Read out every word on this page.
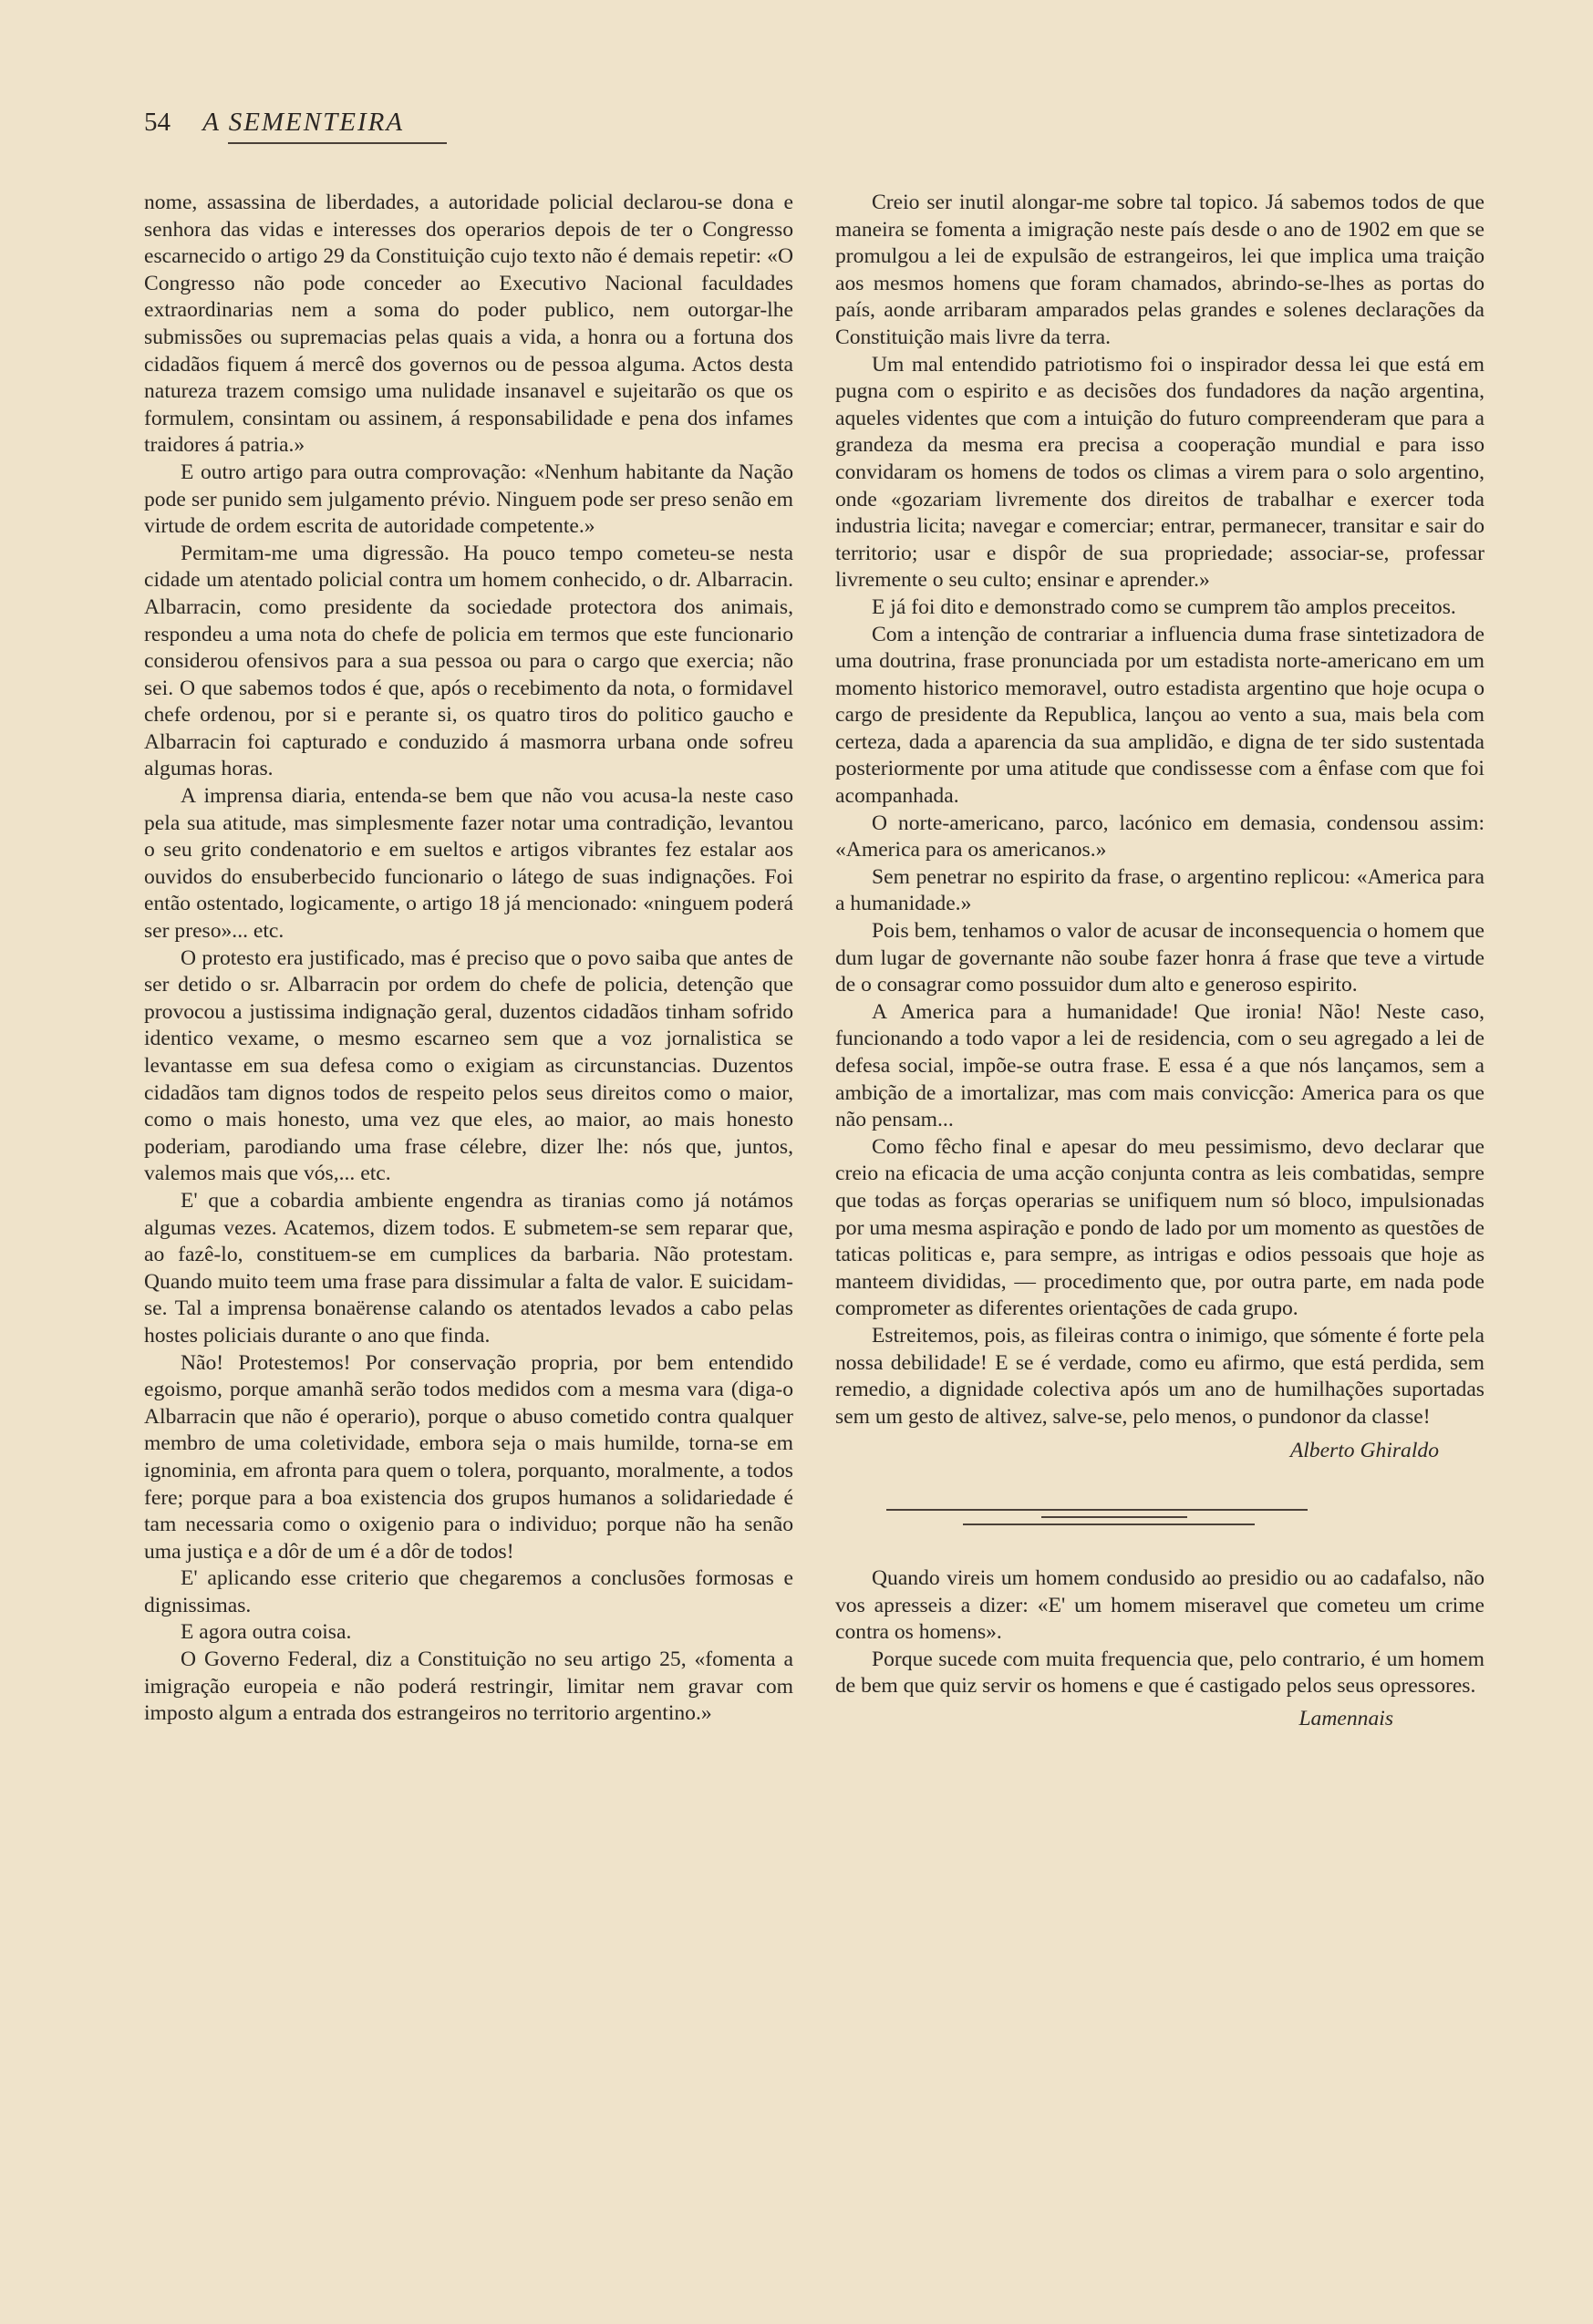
54 A SEMENTEIRA

nome, assassina de liberdades, a autoridade policial declarou-se dona e senhora das vidas e interesses dos operarios depois de ter o Congresso escarnecido o artigo 29 da Constituição cujo texto não é demais repetir: «O Congresso não pode conceder ao Executivo Nacional faculdades extraordinarias nem a soma do poder publico, nem outorgar-lhe submissões ou supremacias pelas quais a vida, a honra ou a fortuna dos cidadãos fiquem á mercê dos governos ou de pessoa alguma. Actos desta natureza trazem comsigo uma nulidade insanavel e sujeitarão os que os formulem, consintam ou assinem, á responsabilidade e pena dos infames traidores á patria.»

E outro artigo para outra comprovação: «Nenhum habitante da Nação pode ser punido sem julgamento prévio. Ninguem pode ser preso senão em virtude de ordem escrita de autoridade competente.»

Permitam-me uma digressão. Ha pouco tempo cometeu-se nesta cidade um atentado policial contra um homem conhecido, o dr. Albarracin. Albarracin, como presidente da sociedade protectora dos animais, respondeu a uma nota do chefe de policia em termos que este funcionario considerou ofensivos para a sua pessoa ou para o cargo que exercia; não sei. O que sabemos todos é que, após o recebimento da nota, o formidavel chefe ordenou, por si e perante si, os quatro tiros do politico gaucho e Albarracin foi capturado e conduzido á masmorra urbana onde sofreu algumas horas.

A imprensa diaria, entenda-se bem que não vou acusa-la neste caso pela sua atitude, mas simplesmente fazer notar uma contradição, levantou o seu grito condenatorio e em sueltos e artigos vibrantes fez estalar aos ouvidos do ensuberbecido funcionario o látego de suas indignações. Foi então ostentado, logicamente, o artigo 18 já mencionado: «ninguem poderá ser preso»... etc.

O protesto era justificado, mas é preciso que o povo saiba que antes de ser detido o sr. Albarracin por ordem do chefe de policia, detenção que provocou a justissima indignação geral, duzentos cidadãos tinham sofrido identico vexame, o mesmo escarneo sem que a voz jornalistica se levantasse em sua defesa como o exigiam as circunstancias. Duzentos cidadãos tam dignos todos de respeito pelos seus direitos como o maior, como o mais honesto, uma vez que eles, ao maior, ao mais honesto poderiam, parodiando uma frase célebre, dizer lhe: nós que, juntos, valemos mais que vós,... etc.

E' que a cobardia ambiente engendra as tiranias como já notámos algumas vezes. Acatemos, dizem todos. E submetem-se sem reparar que, ao fazê-lo, constituem-se em cumplices da barbaria. Não protestam. Quando muito teem uma frase para dissimular a falta de valor. E suicidam-se. Tal a imprensa bonaërense calando os atentados levados a cabo pelas hostes policiais durante o ano que finda.

Não! Protestemos! Por conservação propria, por bem entendido egoismo, porque amanhã serão todos medidos com a mesma vara (diga-o Albarracin que não é operario), porque o abuso cometido contra qualquer membro de uma coletividade, embora seja o mais humilde, torna-se em ignominia, em afronta para quem o tolera, porquanto, moralmente, a todos fere; porque para a boa existencia dos grupos humanos a solidariedade é tam necessaria como o oxigenio para o individuo; porque não ha senão uma justiça e a dôr de um é a dôr de todos!

E' aplicando esse criterio que chegaremos a conclusões formosas e dignissimas.

E agora outra coisa.

O Governo Federal, diz a Constituição no seu artigo 25, «fomenta a imigração europeia e não poderá restringir, limitar nem gravar com imposto algum a entrada dos estrangeiros no territorio argentino.»

Creio ser inutil alongar-me sobre tal topico. Já sabemos todos de que maneira se fomenta a imigração neste país desde o ano de 1902 em que se promulgou a lei de expulsão de estrangeiros, lei que implica uma traição aos mesmos homens que foram chamados, abrindo-se-lhes as portas do país, aonde arribaram amparados pelas grandes e solenes declarações da Constituição mais livre da terra.

Um mal entendido patriotismo foi o inspirador dessa lei que está em pugna com o espirito e as decisões dos fundadores da nação argentina, aqueles videntes que com a intuição do futuro compreenderam que para a grandeza da mesma era precisa a cooperação mundial e para isso convidaram os homens de todos os climas a virem para o solo argentino, onde «gozariam livremente dos direitos de trabalhar e exercer toda industria licita; navegar e comerciar; entrar, permanecer, transitar e sair do territorio; usar e dispôr de sua propriedade; associar-se, professar livremente o seu culto; ensinar e aprender.»

E já foi dito e demonstrado como se cumprem tão amplos preceitos.

Com a intenção de contrariar a influencia duma frase sintetizadora de uma doutrina, frase pronunciada por um estadista norte-americano em um momento historico memoravel, outro estadista argentino que hoje ocupa o cargo de presidente da Republica, lançou ao vento a sua, mais bela com certeza, dada a aparencia da sua amplidão, e digna de ter sido sustentada posteriormente por uma atitude que condissesse com a ênfase com que foi acompanhada.

O norte-americano, parco, lacónico em demasia, condensou assim: «America para os americanos.»

Sem penetrar no espirito da frase, o argentino replicou: «America para a humanidade.»

Pois bem, tenhamos o valor de acusar de inconsequencia o homem que dum lugar de governante não soube fazer honra á frase que teve a virtude de o consagrar como possuidor dum alto e generoso espirito.

A America para a humanidade! Que ironia! Não! Neste caso, funcionando a todo vapor a lei de residencia, com o seu agregado a lei de defesa social, impõe-se outra frase. E essa é a que nós lançamos, sem a ambição de a imortalizar, mas com mais convicção: America para os que não pensam...

Como fêcho final e apesar do meu pessimismo, devo declarar que creio na eficacia de uma acção conjunta contra as leis combatidas, sempre que todas as forças operarias se unifiquem num só bloco, impulsionadas por uma mesma aspiração e pondo de lado por um momento as questões de taticas politicas e, para sempre, as intrigas e odios pessoais que hoje as manteem divididas, — procedimento que, por outra parte, em nada pode comprometer as diferentes orientações de cada grupo.

Estreitemos, pois, as fileiras contra o inimigo, que sómente é forte pela nossa debilidade! E se é verdade, como eu afirmo, que está perdida, sem remedio, a dignidade colectiva após um ano de humilhações suportadas sem um gesto de altivez, salve-se, pelo menos, o pundonor da classe!

Alberto Ghiraldo

Quando vireis um homem condusido ao presidio ou ao cadafalso, não vos apresseis a dizer: «E' um homem miseravel que cometeu um crime contra os homens».

Porque sucede com muita frequencia que, pelo contrario, é um homem de bem que quiz servir os homens e que é castigado pelos seus opressores.

Lamennais
